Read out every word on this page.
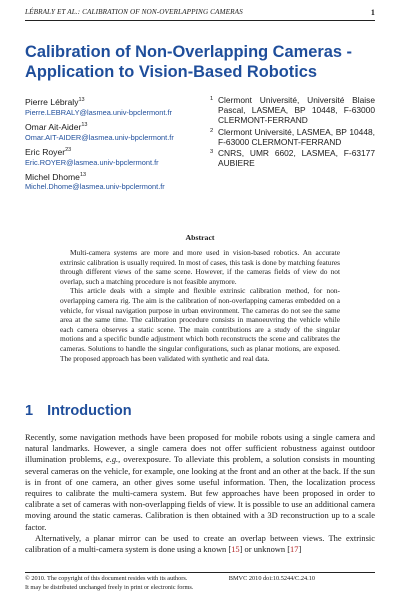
LÉBRALY ET AL.: CALIBRATION OF NON-OVERLAPPING CAMERAS	1
Calibration of Non-Overlapping Cameras - Application to Vision-Based Robotics
Pierre Lébraly$^{13}$
Pierre.LEBRALY@lasmea.univ-bpclermont.fr
Omar Ait-Aider$^{13}$
Omar.AIT-AIDER@lasmea.univ-bpclermont.fr
Eric Royer$^{23}$
Eric.ROYER@lasmea.univ-bpclermont.fr
Michel Dhome$^{13}$
Michel.Dhome@lasmea.univ-bpclermont.fr
1 Clermont Université, Université Blaise Pascal, LASMEA, BP 10448, F-63000 CLERMONT-FERRAND
2 Clermont Université, LASMEA, BP 10448, F-63000 CLERMONT-FERRAND
3 CNRS, UMR 6602, LASMEA, F-63177 AUBIERE
Abstract

Multi-camera systems are more and more used in vision-based robotics. An accurate extrinsic calibration is usually required. In most of cases, this task is done by matching features through different views of the same scene. However, if the cameras fields of view do not overlap, such a matching procedure is not feasible anymore.

This article deals with a simple and flexible extrinsic calibration method, for non-overlapping camera rig. The aim is the calibration of non-overlapping cameras embedded on a vehicle, for visual navigation purpose in urban environment. The cameras do not see the same area at the same time. The calibration procedure consists in manoeuvring the vehicle while each camera observes a static scene. The main contributions are a study of the singular motions and a specific bundle adjustment which both reconstructs the scene and calibrates the cameras. Solutions to handle the singular configurations, such as planar motions, are exposed. The proposed approach has been validated with synthetic and real data.

1 Introduction

Recently, some navigation methods have been proposed for mobile robots using a single camera and natural landmarks. However, a single camera does not offer sufficient robustness against outdoor illumination problems, e.g., overexposure. To alleviate this problem, a solution consists in mounting several cameras on the vehicle, for example, one looking at the front and an other at the back. If the sun is in front of one camera, an other gives some useful information. Then, the localization process requires to calibrate the multi-camera system. But few approaches have been proposed in order to calibrate a set of cameras with non-overlapping fields of view. It is possible to use an additional camera moving around the static cameras. Calibration is then obtained with a 3D reconstruction up to a scale factor.

Alternatively, a planar mirror can be used to create an overlap between views. The extrinsic calibration of a multi-camera system is done using a known [15] or unknown [17]

© 2010. The copyright of this document resides with its authors.
It may be distributed unchanged freely in print or electronic forms.
BMVC 2010 doi:10.5244/C.24.10
